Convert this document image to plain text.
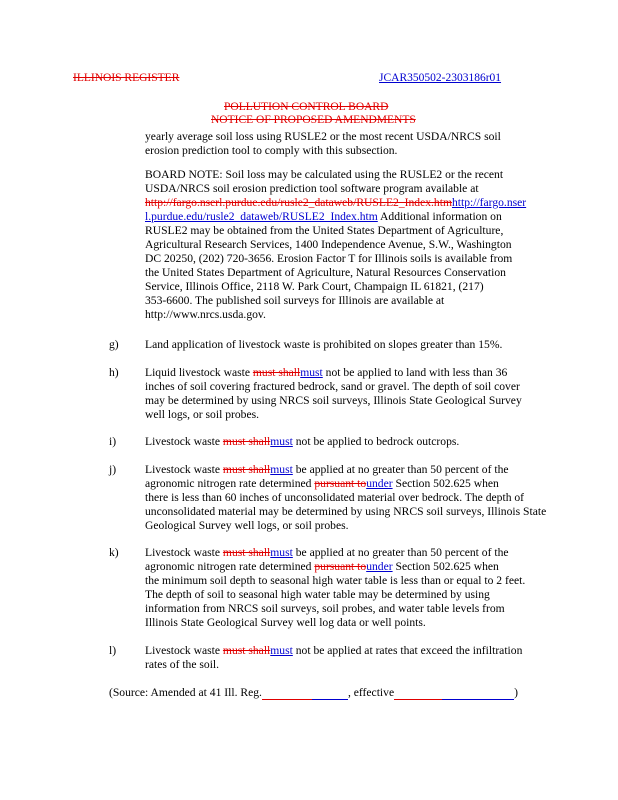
ILLINOIS REGISTER	JCAR350502-2303186r01
POLLUTION CONTROL BOARD
NOTICE OF PROPOSED AMENDMENTS
yearly average soil loss using RUSLE2 or the most recent USDA/NRCS soil
erosion prediction tool to comply with this subsection.
BOARD NOTE: Soil loss may be calculated using the RUSLE2 or the recent
USDA/NRCS soil erosion prediction tool software program available at
http://fargo.nserl.purdue.edu/rusle2_dataweb/RUSLE2_Index.htmhttp://fargo.nser
l.purdue.edu/rusle2_dataweb/RUSLE2_Index.htm Additional information on
RUSLE2 may be obtained from the United States Department of Agriculture,
Agricultural Research Services, 1400 Independence Avenue, S.W., Washington
DC 20250, (202) 720-3656. Erosion Factor T for Illinois soils is available from
the United States Department of Agriculture, Natural Resources Conservation
Service, Illinois Office, 2118 W. Park Court, Champaign IL 61821, (217)
353-6600. The published soil surveys for Illinois are available at
http://www.nrcs.usda.gov.
g) Land application of livestock waste is prohibited on slopes greater than 15%.
h) Liquid livestock waste must shallmust not be applied to land with less than 36
inches of soil covering fractured bedrock, sand or gravel. The depth of soil cover
may be determined by using NRCS soil surveys, Illinois State Geological Survey
well logs, or soil probes.
i) Livestock waste must shallmust not be applied to bedrock outcrops.
j) Livestock waste must shallmust be applied at no greater than 50 percent of the
agronomic nitrogen rate determined pursuant tounder Section 502.625 when
there is less than 60 inches of unconsolidated material over bedrock. The depth of
unconsolidated material may be determined by using NRCS soil surveys, Illinois State
Geological Survey well logs, or soil probes.
k) Livestock waste must shallmust be applied at no greater than 50 percent of the
agronomic nitrogen rate determined pursuant tounder Section 502.625 when
the minimum soil depth to seasonal high water table is less than or equal to 2 feet.
The depth of soil to seasonal high water table may be determined by using
information from NRCS soil surveys, soil probes, and water table levels from
Illinois State Geological Survey well log data or well points.
l) Livestock waste must shallmust not be applied at rates that exceed the infiltration
rates of the soil.
(Source: Amended at 41 Ill. Reg.	, effective	)
